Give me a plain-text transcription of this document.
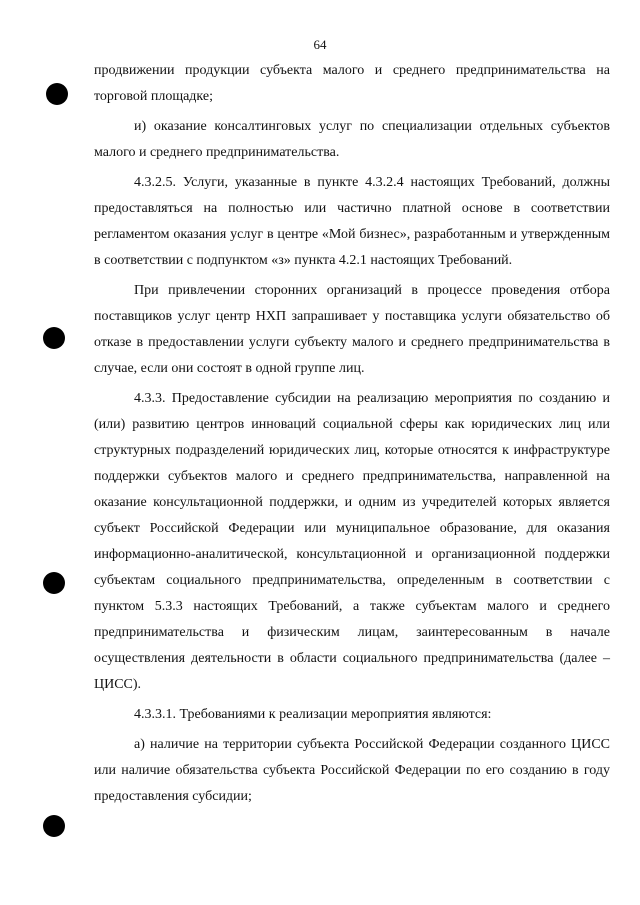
64

продвижении продукции субъекта малого и среднего предпринимательства на торговой площадке;

и) оказание консалтинговых услуг по специализации отдельных субъектов малого и среднего предпринимательства.

4.3.2.5. Услуги, указанные в пункте 4.3.2.4 настоящих Требований, должны предоставляться на полностью или частично платной основе в соответствии регламентом оказания услуг в центре «Мой бизнес», разработанным и утвержденным в соответствии с подпунктом «з» пункта 4.2.1 настоящих Требований.

При привлечении сторонних организаций в процессе проведения отбора поставщиков услуг центр НХП запрашивает у поставщика услуги обязательство об отказе в предоставлении услуги субъекту малого и среднего предпринимательства в случае, если они состоят в одной группе лиц.

4.3.3. Предоставление субсидии на реализацию мероприятия по созданию и (или) развитию центров инноваций социальной сферы как юридических лиц или структурных подразделений юридических лиц, которые относятся к инфраструктуре поддержки субъектов малого и среднего предпринимательства, направленной на оказание консультационной поддержки, и одним из учредителей которых является субъект Российской Федерации или муниципальное образование, для оказания информационно-аналитической, консультационной и организационной поддержки субъектам социального предпринимательства, определенным в соответствии с пунктом 5.3.3 настоящих Требований, а также субъектам малого и среднего предпринимательства и физическим лицам, заинтересованным в начале осуществления деятельности в области социального предпринимательства (далее – ЦИСС).

4.3.3.1. Требованиями к реализации мероприятия являются:

а) наличие на территории субъекта Российской Федерации созданного ЦИСС или наличие обязательства субъекта Российской Федерации по его созданию в году предоставления субсидии;
